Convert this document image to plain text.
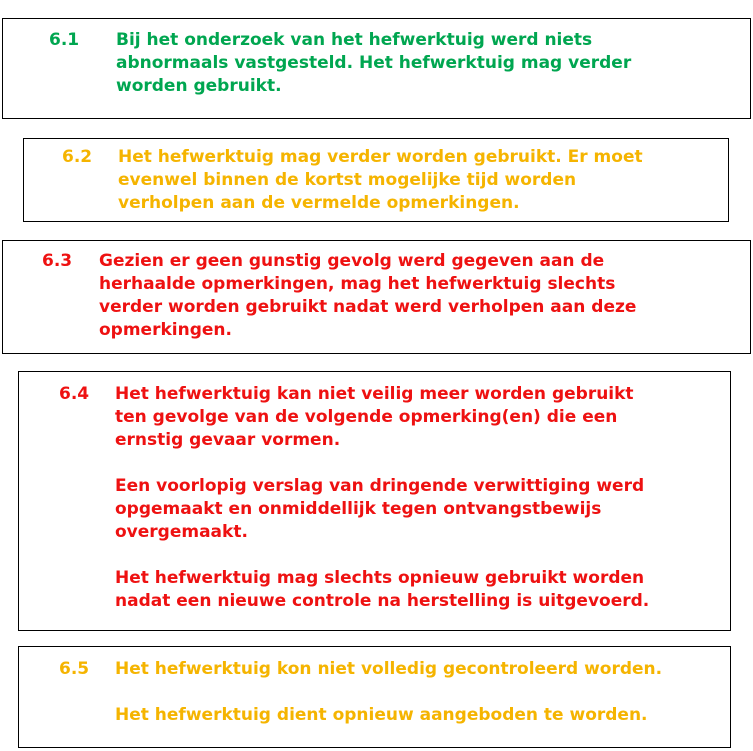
6.1 Bij het onderzoek van het hefwerktuig werd niets
abnormaals vastgesteld. Het hefwerktuig mag verder
worden gebruikt.
6.2 Het hefwerktuig mag verder worden gebruikt. Er moet
evenwel binnen de kortst mogelijke tijd worden
verholpen aan de vermelde opmerkingen.
6.3 Gezien er geen gunstig gevolg werd gegeven aan de
herhaalde opmerkingen, mag het hefwerktuig slechts
verder worden gebruikt nadat werd verholpen aan deze
opmerkingen.
6.4 Het hefwerktuig kan niet veilig meer worden gebruikt
ten gevolge van de volgende opmerking(en) die een
ernstig gevaar vormen.
Een voorlopig verslag van dringende verwittiging werd
opgemaakt en onmiddellijk tegen ontvangstbewijs
overgemaakt.
Het hefwerktuig mag slechts opnieuw gebruikt worden
nadat een nieuwe controle na herstelling is uitgevoerd.
6.5 Het hefwerktuig kon niet volledig gecontroleerd worden.
Het hefwerktuig dient opnieuw aangeboden te worden.
